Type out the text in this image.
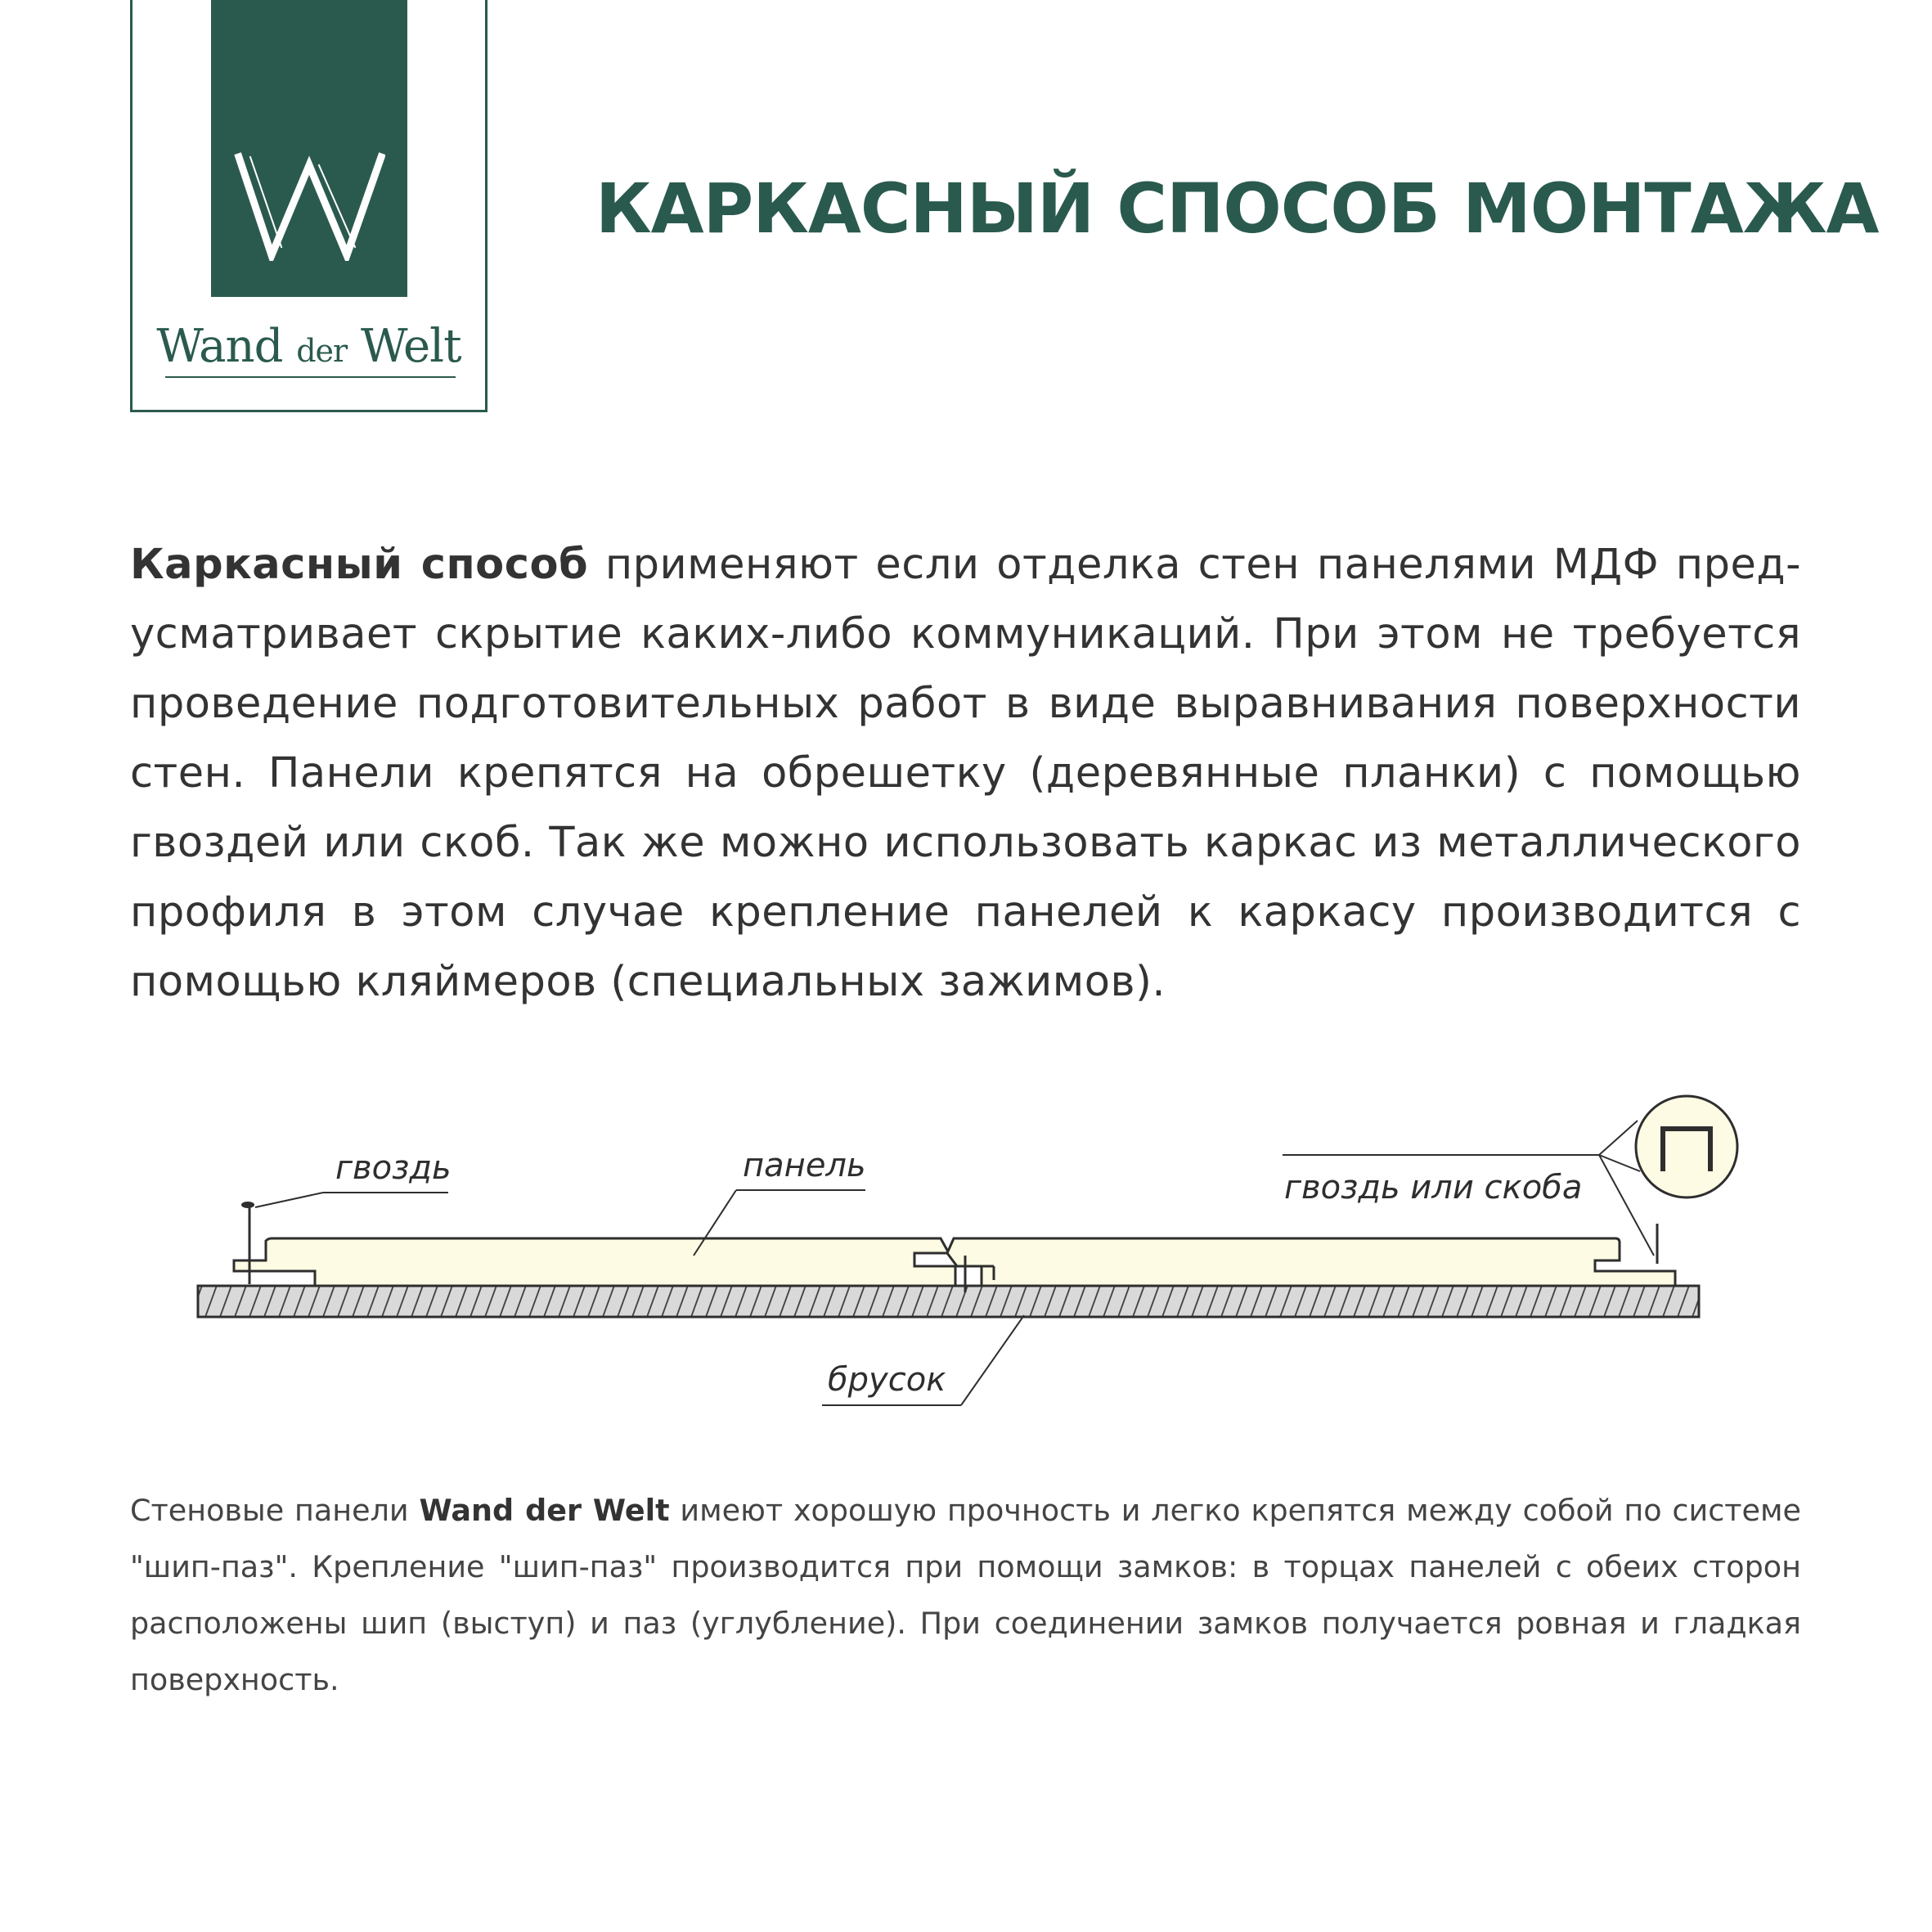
Wand der Welt
КАРКАСНЫЙ СПОСОБ МОНТАЖА
Каркасный способ применяют если отделка стен панелями МДФ пред-усматривает скрытие каких-либо коммуникаций. При этом не требуется проведение подготовительных работ в виде выравнивания поверхности стен. Панели крепятся на обрешетку (деревянные планки) с помощью гвоздей или скоб. Так же можно использовать каркас из металлического профиля в этом случае крепление панелей к каркасу производится с помощью кляймеров (специальных зажимов).
гвоздь	панель
гвоздь или скоба
брусок
Стеновые панели Wand der Welt имеют хорошую прочность и легко крепятся между собой по системе "шип-паз". Крепление "шип-паз" производится при помощи замков: в торцах панелей с обеих сторон расположены шип (выступ) и паз (углубление). При соединении замков получается ровная и гладкая поверхность.
